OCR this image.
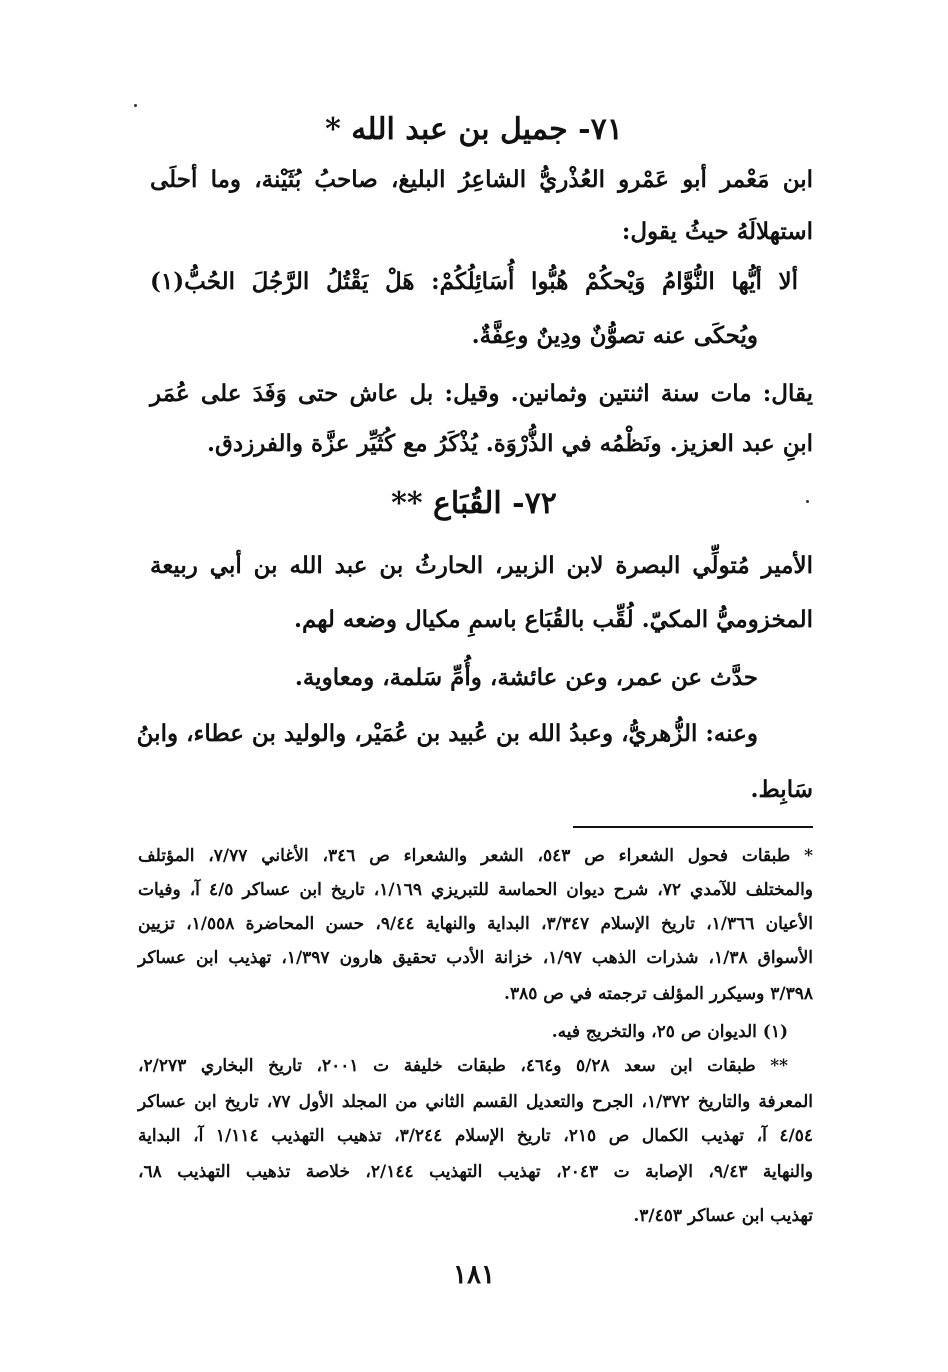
٧١- جميل بن عبد الله *
ابن مَعْمر أبو عَمْرو العُذْريُّ الشاعِرُ البليغ، صاحبُ بُثَيْنة، وما أحلَى
استهلالَهُ حيثُ يقول:
ألا أيُّها النُّوَّامُ وَيْحكُمْ هُبُّوا أُسَائِلُكُمْ: هَلْ يَقْتُلُ الرَّجُلَ الحُبُّ(١)
ويُحكَى عنه تصوُّنٌ ودِينٌ وعِفَّةٌ.
يقال: مات سنة اثنتين وثمانين. وقيل: بل عاش حتى وَفَدَ على عُمَر
ابنِ عبد العزيز. ونَظْمُه في الذُّرْوَة. يُذْكَرُ مع كُثَيِّر عزَّة والفرزدق.
٧٢- القُبَاع **
الأمير مُتولِّي البصرة لابن الزبير، الحارثُ بن عبد الله بن أبي ربيعة
المخزوميُّ المكيّ. لُقِّب بالقُبَاع باسمِ مكيال وضعه لهم.
حدَّث عن عمر، وعن عائشة، وأُمِّ سَلمة، ومعاوية.
وعنه: الزُّهريُّ، وعبدُ الله بن عُبيد بن عُمَيْر، والوليد بن عطاء، وابنُ
سَابِط.
* طبقات فحول الشعراء ص ٥٤٣، الشعر والشعراء ص ٣٤٦، الأغاني ٧/٧٧، المؤتلف
والمختلف للآمدي ٧٢، شرح ديوان الحماسة للتبريزي ١/١٦٩، تاريخ ابن عساكر ٤/٥ آ، وفيات
الأعيان ١/٣٦٦، تاريخ الإسلام ٣/٣٤٧، البداية والنهاية ٩/٤٤، حسن المحاضرة ١/٥٥٨، تزيين
الأسواق ١/٣٨، شذرات الذهب ١/٩٧، خزانة الأدب تحقيق هارون ١/٣٩٧، تهذيب ابن عساكر
٣/٣٩٨ وسيكرر المؤلف ترجمته في ص ٣٨٥.
(١) الديوان ص ٢٥، والتخريج فيه.
** طبقات ابن سعد ٥/٢٨ و٤٦٤، طبقات خليفة ت ٢٠٠١، تاريخ البخاري ٢/٢٧٣،
المعرفة والتاريخ ١/٣٧٢، الجرح والتعديل القسم الثاني من المجلد الأول ٧٧، تاريخ ابن عساكر
٤/٥٤ آ، تهذيب الكمال ص ٢١٥، تاريخ الإسلام ٣/٢٤٤، تذهيب التهذيب ١/١١٤ آ، البداية
والنهاية ٩/٤٣، الإصابة ت ٢٠٤٣، تهذيب التهذيب ٢/١٤٤، خلاصة تذهيب التهذيب ٦٨،
تهذيب ابن عساكر ٣/٤٥٣.
١٨١
